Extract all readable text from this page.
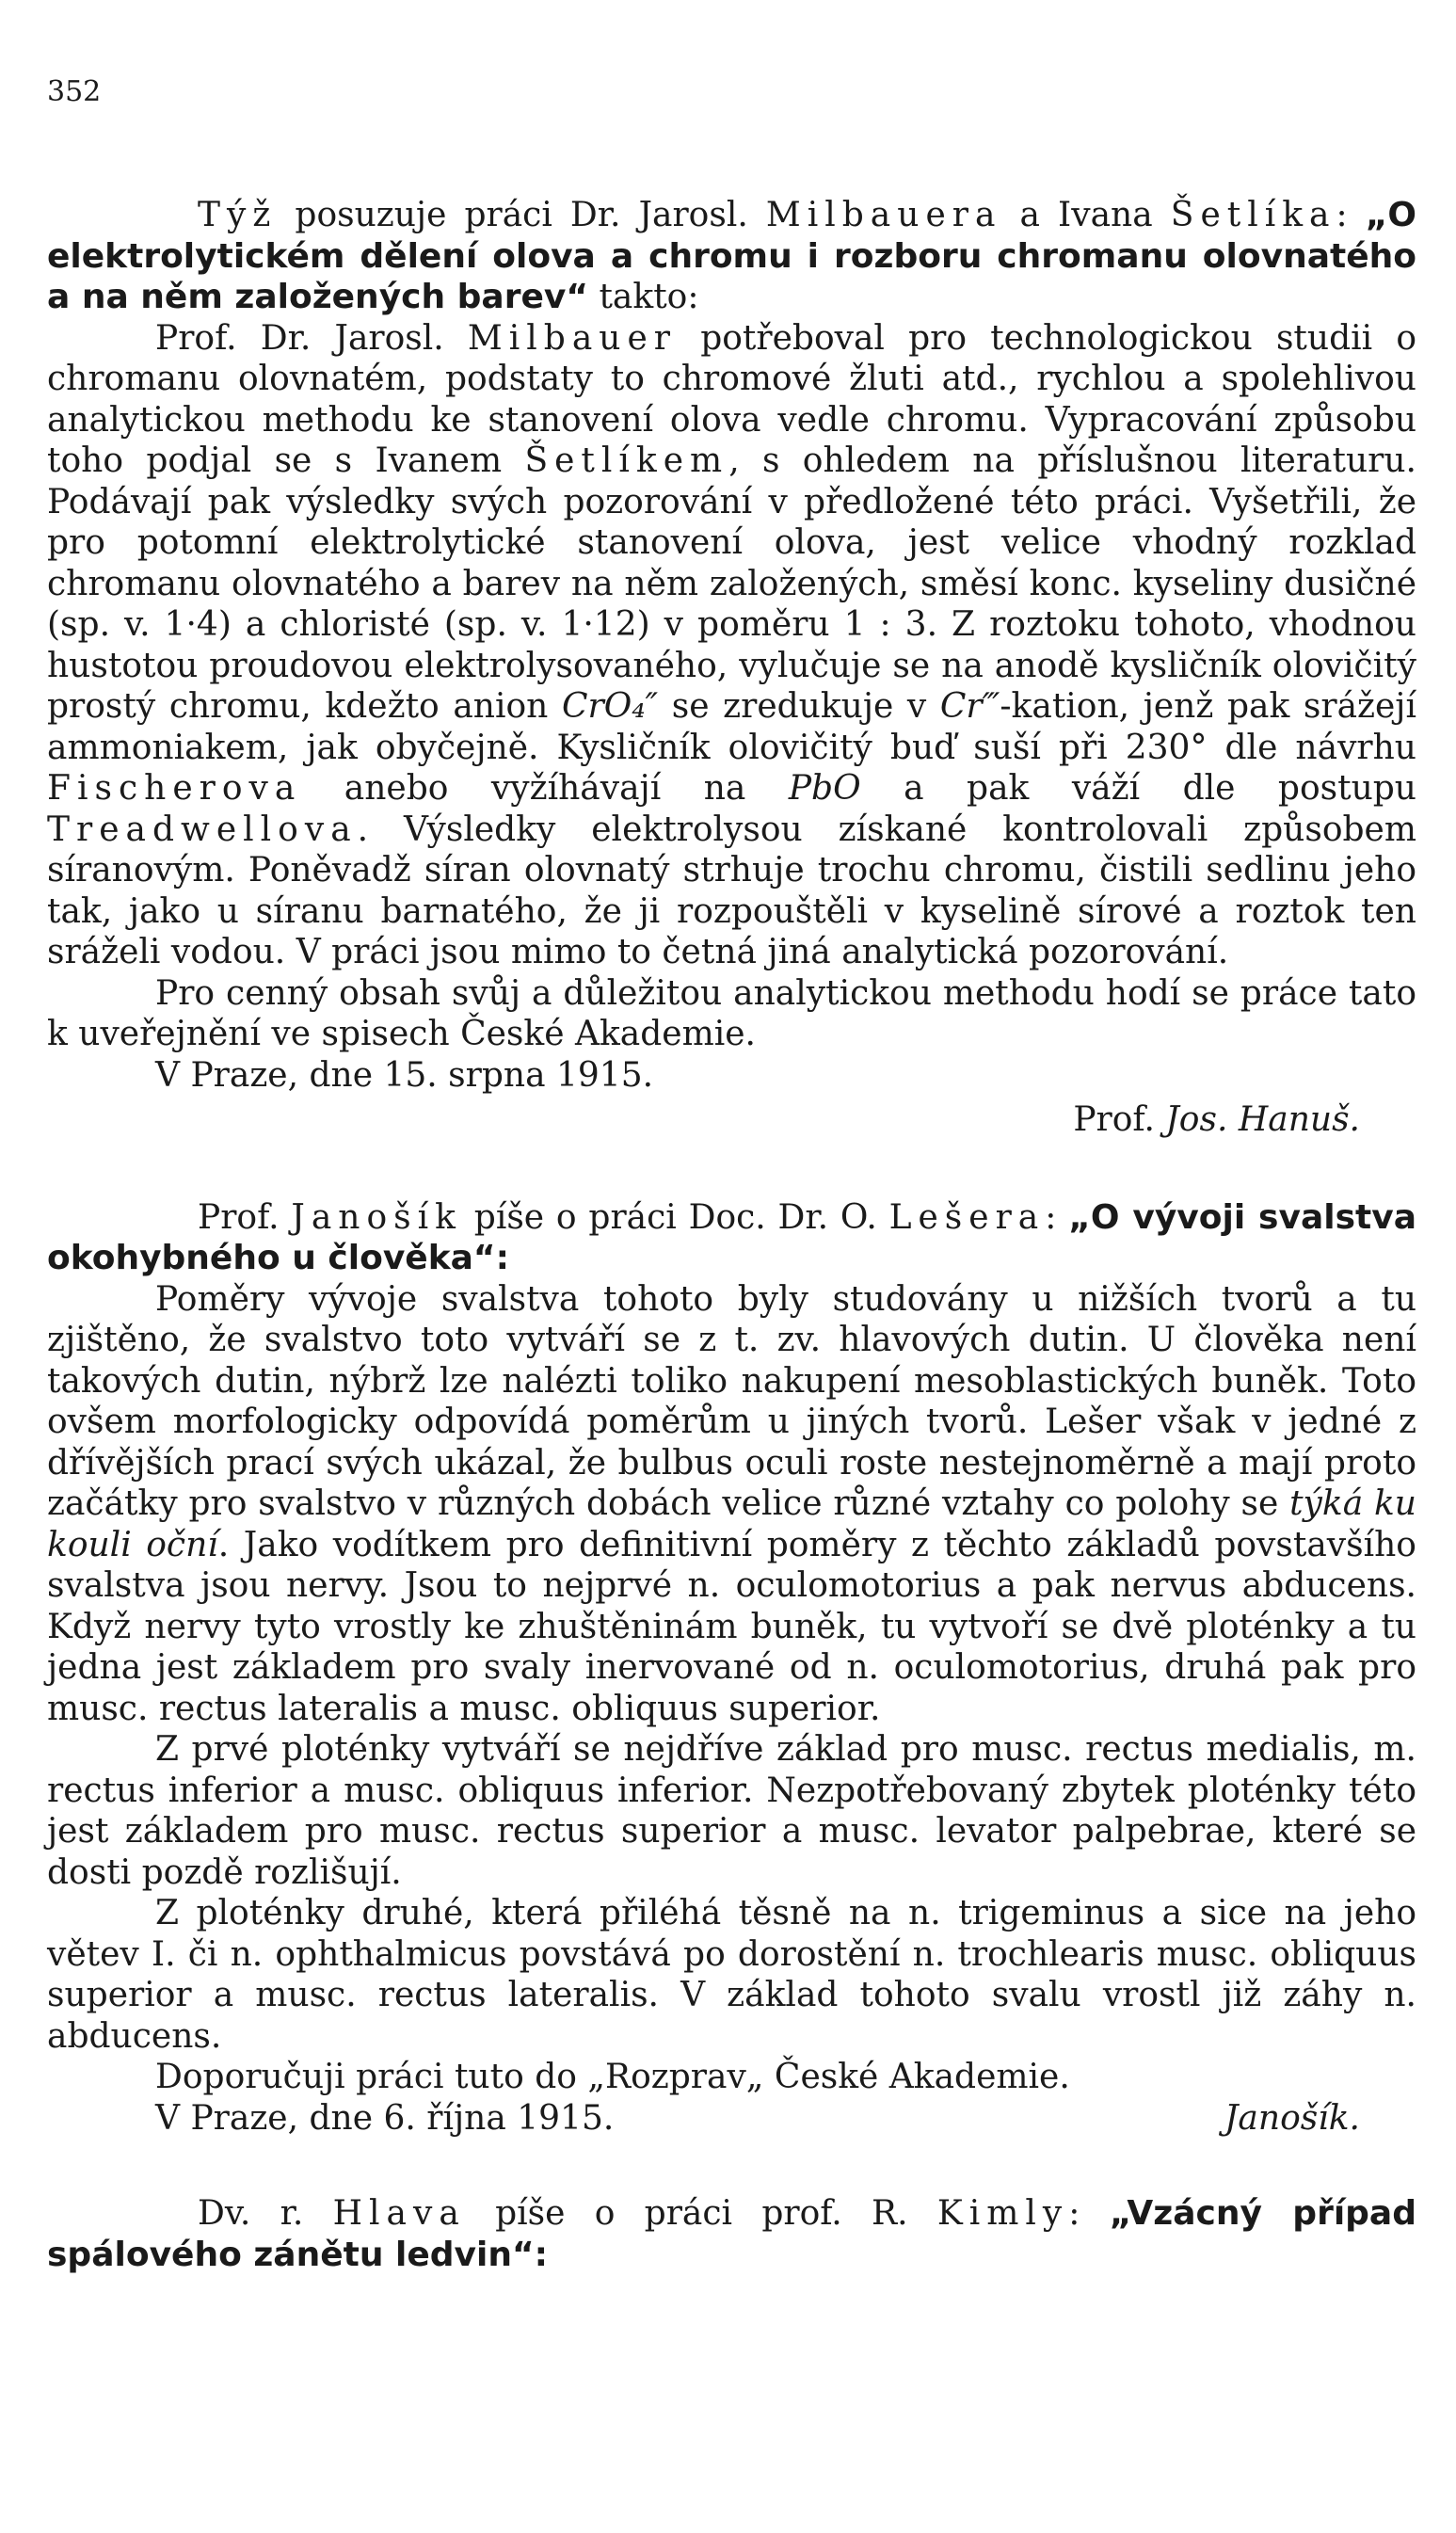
352

Týž posuzuje práci Dr. Jarosl. Milbauera a Ivana Šetlíka: „O elektrolytickém dělení olova a chromu i rozboru chromanu olovnatého a na něm založených barev“ takto:

Prof. Dr. Jarosl. Milbauer potřeboval pro technologickou studii o chromanu olovnatém, podstaty to chromové žluti atd., rychlou a spolehlivou analytickou methodu ke stanovení olova vedle chromu. Vypracování způsobu toho podjal se s Ivanem Šetlíkem, s ohledem na příslušnou literaturu. Podávají pak výsledky svých pozorování v předložené této práci. Vyšetřili, že pro potomní elektrolytické stanovení olova, jest velice vhodný rozklad chromanu olovnatého a barev na něm založených, směsí konc. kyseliny dusičné (sp. v. 1·4) a chloristé (sp. v. 1·12) v poměru 1 : 3. Z roztoku tohoto, vhodnou hustotou proudovou elektrolysovaného, vylučuje se na anodě kysličník olovičitý prostý chromu, kdežto anion CrO₄″ se zredukuje v Cr‴-kation, jenž pak srážejí ammoniakem, jak obyčejně. Kysličník olovičitý buď suší při 230° dle návrhu Fischerova anebo vyžíhávají na PbO a pak váží dle postupu Treadwellova. Výsledky elektrolysou získané kontrolovali způsobem síranovým. Poněvadž síran olovnatý strhuje trochu chromu, čistili sedlinu jeho tak, jako u síranu barnatého, že ji rozpouštěli v kyselině sírové a roztok ten sráželi vodou. V práci jsou mimo to četná jiná analytická pozorování.

Pro cenný obsah svůj a důležitou analytickou methodu hodí se práce tato k uveřejnění ve spisech České Akademie.

V Praze, dne 15. srpna 1915.

Prof. Jos. Hanuš.

Prof. Janošík píše o práci Doc. Dr. O. Lešera: „O vývoji svalstva okohybného u člověka“:

Poměry vývoje svalstva tohoto byly studovány u nižších tvorů a tu zjištěno, že svalstvo toto vytváří se z t. zv. hlavových dutin. U člověka není takových dutin, nýbrž lze nalézti toliko nakupení mesoblastických buněk. Toto ovšem morfologicky odpovídá poměrům u jiných tvorů. Lešer však v jedné z dřívějších prací svých ukázal, že bulbus oculi roste nestejnoměrně a mají proto začátky pro svalstvo v různých dobách velice různé vztahy co polohy se týká ku kouli oční. Jako vodítkem pro definitivní poměry z těchto základů povstavšího svalstva jsou nervy. Jsou to nejprvé n. oculomotorius a pak nervus abducens. Když nervy tyto vrostly ke zhuštěninám buněk, tu vytvoří se dvě ploténky a tu jedna jest základem pro svaly inervované od n. oculomotorius, druhá pak pro musc. rectus lateralis a musc. obliquus superior.

Z prvé ploténky vytváří se nejdříve základ pro musc. rectus medialis, m. rectus inferior a musc. obliquus inferior. Nezpotřebovaný zbytek ploténky této jest základem pro musc. rectus superior a musc. levator palpebrae, které se dosti pozdě rozlišují.

Z ploténky druhé, která přiléhá těsně na n. trigeminus a sice na jeho větev I. či n. ophthalmicus povstává po dorostění n. trochlearis musc. obliquus superior a musc. rectus lateralis. V základ tohoto svalu vrostl již záhy n. abducens.

Doporučuji práci tuto do „Rozprav„ České Akademie.

V Praze, dne 6. října 1915.	Janošík.

Dv. r. Hlava píše o práci prof. R. Kimly: „Vzácný případ spálového zánětu ledvin“:
